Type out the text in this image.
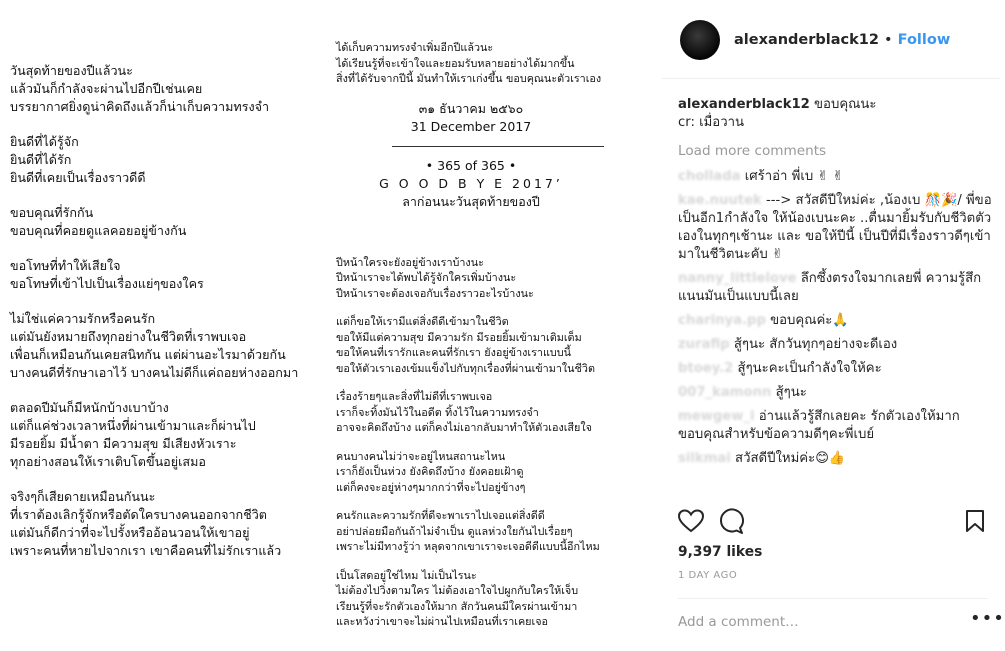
วันสุดท้ายของปีแล้วนะ
แล้วมันก็กำลังจะผ่านไปอีกปีเช่นเคย
บรรยากาศยิ่งดูน่าคิดถึงแล้วก็น่าเก็บความทรงจำ
ยินดีที่ได้รู้จัก
ยินดีที่ได้รัก
ยินดีที่เคยเป็นเรื่องราวดีดี
ขอบคุณที่รักกัน
ขอบคุณที่คอยดูแลคอยอยู่ข้างกัน
ขอโทษที่ทำให้เสียใจ
ขอโทษที่เข้าไปเป็นเรื่องแย่ๆของใคร
ไม่ใช่แค่ความรักหรือคนรัก
แต่มันยังหมายถึงทุกอย่างในชีวิตที่เราพบเจอ
เพื่อนก็เหมือนกันเคยสนิทกัน แต่ผ่านอะไรมาด้วยกัน
บางคนดีที่รักษาเอาไว้ บางคนไม่ดีก็แค่ถอยห่างออกมา
ตลอดปีมันก็มีหนักบ้างเบาบ้าง
แต่ก็แค่ช่วงเวลาหนึ่งที่ผ่านเข้ามาและก็ผ่านไป
มีรอยยิ้ม มีน้ำตา มีความสุข มีเสียงหัวเราะ
ทุกอย่างสอนให้เราเติบโตขึ้นอยู่เสมอ
จริงๆก็เสียดายเหมือนกันนะ
ที่เราต้องเลิกรู้จักหรือตัดใครบางคนออกจากชีวิต
แต่มันก็ดีกว่าที่จะไปรั้งหรืออ้อนวอนให้เขาอยู่
เพราะคนที่หายไปจากเรา เขาคือคนที่ไม่รักเราแล้ว
ได้เก็บความทรงจำเพิ่มอีกปีแล้วนะ
ได้เรียนรู้ที่จะเข้าใจและยอมรับหลายอย่างได้มากขึ้น
สิ่งที่ได้รับจากปีนี้ มันทำให้เราเก่งขึ้น ขอบคุณนะตัวเราเอง
๓๑ ธันวาคม ๒๕๖๐
31 December 2017
• 365 of 365 •
G O O D B Y E 2017’
ลาก่อนนะวันสุดท้ายของปี
ปีหน้าใครจะยังอยู่ข้างเราบ้างนะ
ปีหน้าเราจะได้พบได้รู้จักใครเพิ่มบ้างนะ
ปีหน้าเราจะต้องเจอกับเรื่องราวอะไรบ้างนะ
แต่ก็ขอให้เรามีแต่สิ่งดีดีเข้ามาในชีวิต
ขอให้มีแต่ความสุข มีความรัก มีรอยยิ้มเข้ามาเติมเต็ม
ขอให้คนที่เรารักและคนที่รักเรา ยังอยู่ข้างเราแบบนี้
ขอให้ตัวเราเองเข้มแข็งไปกับทุกเรื่องที่ผ่านเข้ามาในชีวิต
เรื่องร้ายๆและสิ่งที่ไม่ดีที่เราพบเจอ
เราก็จะทิ้งมันไว้ในอดีต ทิ้งไว้ในความทรงจำ
อาจจะคิดถึงบ้าง แต่ก็คงไม่เอากลับมาทำให้ตัวเองเสียใจ
คนบางคนไม่ว่าจะอยู่ไหนสถานะไหน
เราก็ยังเป็นห่วง ยังคิดถึงบ้าง ยังคอยเฝ้าดู
แต่ก็คงจะอยู่ห่างๆมากกว่าที่จะไปอยู่ข้างๆ
คนรักและความรักที่ดีจะพาเราไปเจอแต่สิ่งดีดี
อย่าปล่อยมือกันถ้าไม่จำเป็น ดูแลห่วงใยกันไปเรื่อยๆ
เพราะไม่มีทางรู้ว่า หลุดจากเขาเราจะเจอดีดีแบบนี้อีกไหม
เป็นโสดอยู่ใช่ไหม ไม่เป็นไรนะ
ไม่ต้องไปวิ่งตามใคร ไม่ต้องเอาใจไปผูกกับใครให้เจ็บ
เรียนรู้ที่จะรักตัวเองให้มาก สักวันคนมีใครผ่านเข้ามา
และหวังว่าเขาจะไม่ผ่านไปเหมือนที่เราเคยเจอ
alexanderblack12 • Follow
alexanderblack12 ขอบคุณนะ
cr: เมื่อวาน
Load more comments
chollada เศร้าอ่า พี่เบ ✌ ✌
kae.nuutek ---> สวัสดีปีใหม่ค่ะ ,น้องเบ 🎊🎉/ พี่ขอเป็นอีก1กำลังใจ ให้น้องเบนะคะ ..ตื่นมายิ้มรับกับชีวิตตัวเองในทุกๆเช้านะ และ ขอให้ปีนี้ เป็นปีที่มีเรื่องราวดีๆเข้ามาในชีวิตนะคับ ✌
nanny_littlelove ลึกซึ้งตรงใจมากเลยพี่ ความรู้สึกแนนมันเป็นแบบนี้เลย
charinya.pp ขอบคุณค่ะ🙏
zurafip สู้ๆนะ สักวันทุกๆอย่างจะดีเอง
btoey.2 สู้ๆนะคะเป็นกำลังใจให้คะ
007_kamonn สู้ๆนะ
mewgew_i อ่านแล้วรู้สึกเลยคะ รักตัวเองให้มาก ขอบคุณสำหรับข้อความดีๆคะพี่เบย์
silkmai สวัสดีปีใหม่ค่ะ😊👍
9,397 likes
1 DAY AGO
Add a comment…	•••
